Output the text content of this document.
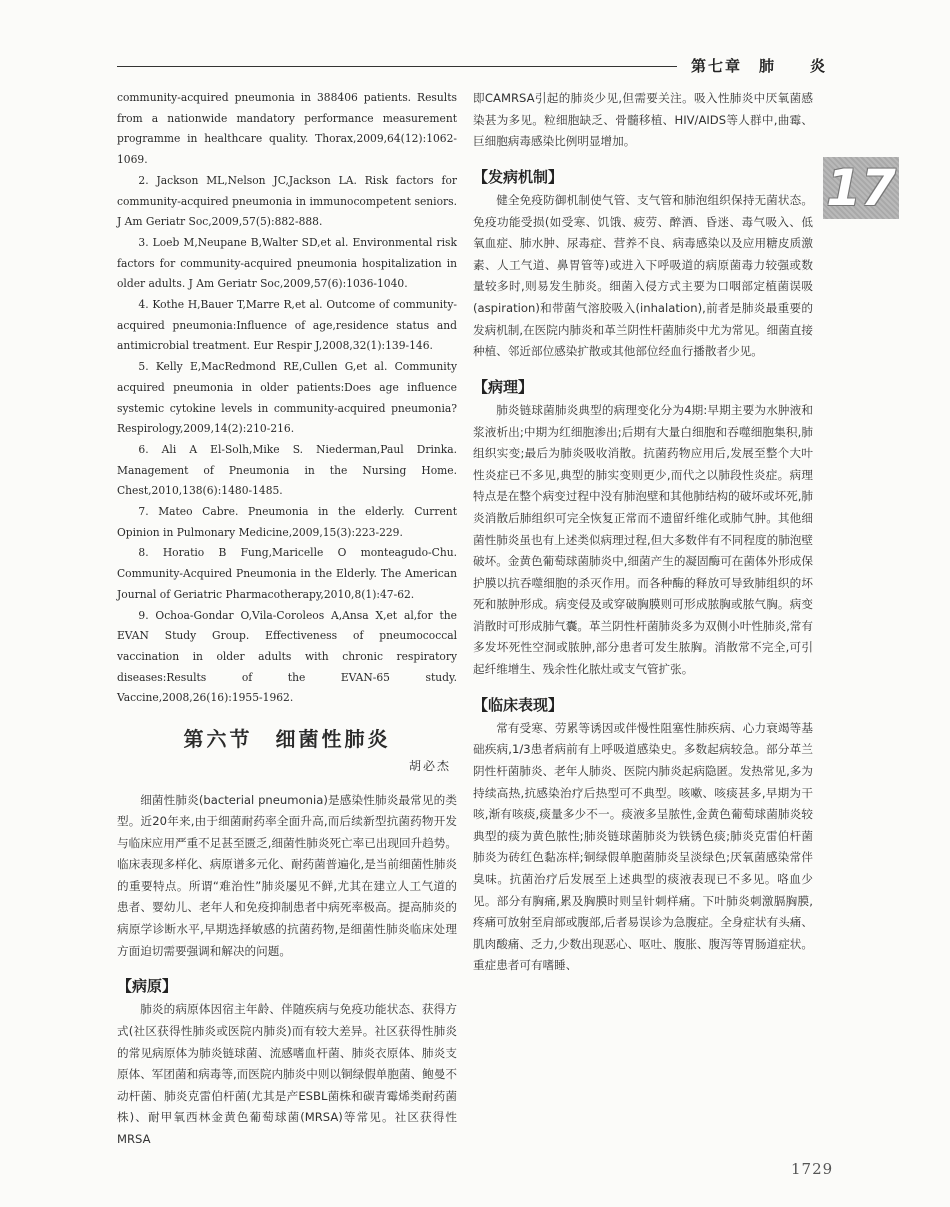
第七章　肺　　炎
17

community-acquired pneumonia in 388406 patients. Results from a nationwide mandatory performance measurement programme in healthcare quality. Thorax,2009,64(12):1062-1069.

2. Jackson ML,Nelson JC,Jackson LA. Risk factors for community-acquired pneumonia in immunocompetent seniors. J Am Geriatr Soc,2009,57(5):882-888.

3. Loeb M,Neupane B,Walter SD,et al. Environmental risk factors for community-acquired pneumonia hospitalization in older adults. J Am Geriatr Soc,2009,57(6):1036-1040.

4. Kothe H,Bauer T,Marre R,et al. Outcome of community-acquired pneumonia:Influence of age,residence status and antimicrobial treatment. Eur Respir J,2008,32(1):139-146.

5. Kelly E,MacRedmond RE,Cullen G,et al. Community acquired pneumonia in older patients:Does age influence systemic cytokine levels in community-acquired pneumonia? Respirology,2009,14(2):210-216.

6. Ali A El-Solh,Mike S. Niederman,Paul Drinka. Management of Pneumonia in the Nursing Home. Chest,2010,138(6):1480-1485.

7. Mateo Cabre. Pneumonia in the elderly. Current Opinion in Pulmonary Medicine,2009,15(3):223-229.

8. Horatio B Fung,Maricelle O monteagudo-Chu. Community-Acquired Pneumonia in the Elderly. The American Journal of Geriatric Pharmacotherapy,2010,8(1):47-62.

9. Ochoa-Gondar O,Vila-Coroleos A,Ansa X,et al,for the EVAN Study Group. Effectiveness of pneumococcal vaccination in older adults with chronic respiratory diseases:Results of the EVAN-65 study. Vaccine,2008,26(16):1955-1962.

第六节　细菌性肺炎
胡必杰

细菌性肺炎(bacterial pneumonia)是感染性肺炎最常见的类型。近20年来,由于细菌耐药率全面升高,而后续新型抗菌药物开发与临床应用严重不足甚至匮乏,细菌性肺炎死亡率已出现回升趋势。临床表现多样化、病原谱多元化、耐药菌普遍化,是当前细菌性肺炎的重要特点。所谓“难治性”肺炎屡见不鲜,尤其在建立人工气道的患者、婴幼儿、老年人和免疫抑制患者中病死率极高。提高肺炎的病原学诊断水平,早期选择敏感的抗菌药物,是细菌性肺炎临床处理方面迫切需要强调和解决的问题。

【病原】

肺炎的病原体因宿主年龄、伴随疾病与免疫功能状态、获得方式(社区获得性肺炎或医院内肺炎)而有较大差异。社区获得性肺炎的常见病原体为肺炎链球菌、流感嗜血杆菌、肺炎衣原体、肺炎支原体、军团菌和病毒等,而医院内肺炎中则以铜绿假单胞菌、鲍曼不动杆菌、肺炎克雷伯杆菌(尤其是产ESBL菌株和碳青霉烯类耐药菌株)、耐甲氧西林金黄色葡萄球菌(MRSA)等常见。社区获得性MRSA

即CAMRSA引起的肺炎少见,但需要关注。吸入性肺炎中厌氧菌感染甚为多见。粒细胞缺乏、骨髓移植、HIV/AIDS等人群中,曲霉、巨细胞病毒感染比例明显增加。

【发病机制】

健全免疫防御机制使气管、支气管和肺泡组织保持无菌状态。免疫功能受损(如受寒、饥饿、疲劳、醉酒、昏迷、毒气吸入、低氧血症、肺水肿、尿毒症、营养不良、病毒感染以及应用糖皮质激素、人工气道、鼻胃管等)或进入下呼吸道的病原菌毒力较强或数量较多时,则易发生肺炎。细菌入侵方式主要为口咽部定植菌误吸(aspiration)和带菌气溶胶吸入(inhalation),前者是肺炎最重要的发病机制,在医院内肺炎和革兰阴性杆菌肺炎中尤为常见。细菌直接种植、邻近部位感染扩散或其他部位经血行播散者少见。

【病理】

肺炎链球菌肺炎典型的病理变化分为4期:早期主要为水肿液和浆液析出;中期为红细胞渗出;后期有大量白细胞和吞噬细胞集积,肺组织实变;最后为肺炎吸收消散。抗菌药物应用后,发展至整个大叶性炎症已不多见,典型的肺实变则更少,而代之以肺段性炎症。病理特点是在整个病变过程中没有肺泡壁和其他肺结构的破坏或坏死,肺炎消散后肺组织可完全恢复正常而不遗留纤维化或肺气肿。其他细菌性肺炎虽也有上述类似病理过程,但大多数伴有不同程度的肺泡壁破坏。金黄色葡萄球菌肺炎中,细菌产生的凝固酶可在菌体外形成保护膜以抗吞噬细胞的杀灭作用。而各种酶的释放可导致肺组织的坏死和脓肿形成。病变侵及或穿破胸膜则可形成脓胸或脓气胸。病变消散时可形成肺气囊。革兰阴性杆菌肺炎多为双侧小叶性肺炎,常有多发坏死性空洞或脓肿,部分患者可发生脓胸。消散常不完全,可引起纤维增生、残余性化脓灶或支气管扩张。

【临床表现】

常有受寒、劳累等诱因或伴慢性阻塞性肺疾病、心力衰竭等基础疾病,1/3患者病前有上呼吸道感染史。多数起病较急。部分革兰阴性杆菌肺炎、老年人肺炎、医院内肺炎起病隐匿。发热常见,多为持续高热,抗感染治疗后热型可不典型。咳嗽、咳痰甚多,早期为干咳,渐有咳痰,痰量多少不一。痰液多呈脓性,金黄色葡萄球菌肺炎较典型的痰为黄色脓性;肺炎链球菌肺炎为铁锈色痰;肺炎克雷伯杆菌肺炎为砖红色黏冻样;铜绿假单胞菌肺炎呈淡绿色;厌氧菌感染常伴臭味。抗菌治疗后发展至上述典型的痰液表现已不多见。咯血少见。部分有胸痛,累及胸膜时则呈针刺样痛。下叶肺炎刺激膈胸膜,疼痛可放射至肩部或腹部,后者易误诊为急腹症。全身症状有头痛、肌肉酸痛、乏力,少数出现恶心、呕吐、腹胀、腹泻等胃肠道症状。重症患者可有嗜睡、

1729
